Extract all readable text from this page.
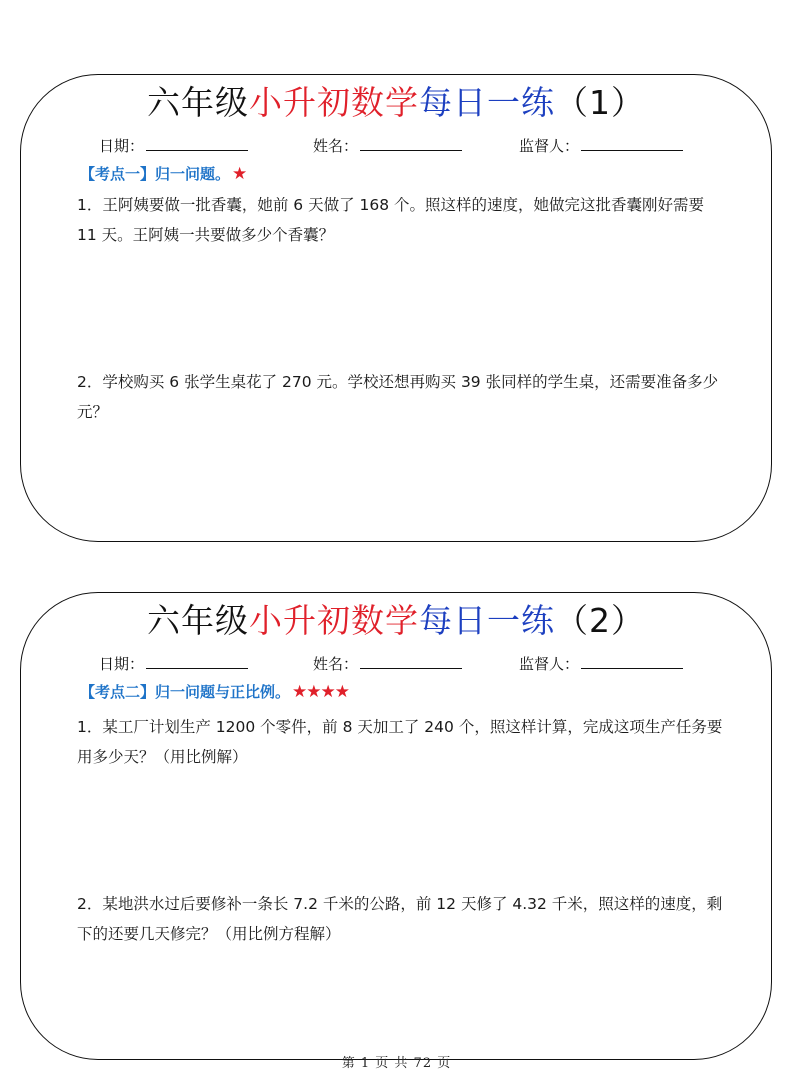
六年级小升初数学每日一练（1）
日期：	姓名：	监督人：
【考点一】归一问题。 ★
1．王阿姨要做一批香囊，她前 6 天做了 168 个。照这样的速度，她做完这批香囊刚好需要 11 天。王阿姨一共要做多少个香囊？
2．学校购买 6 张学生桌花了 270 元。学校还想再购买 39 张同样的学生桌，还需要准备多少元？
六年级小升初数学每日一练（2）
日期：	姓名：	监督人：
【考点二】归一问题与正比例。 ★★★★
1．某工厂计划生产 1200 个零件，前 8 天加工了 240 个，照这样计算，完成这项生产任务要用多少天？（用比例解）
2．某地洪水过后要修补一条长 7.2 千米的公路，前 12 天修了 4.32 千米，照这样的速度，剩下的还要几天修完？（用比例方程解）
第 1 页 共 72 页
